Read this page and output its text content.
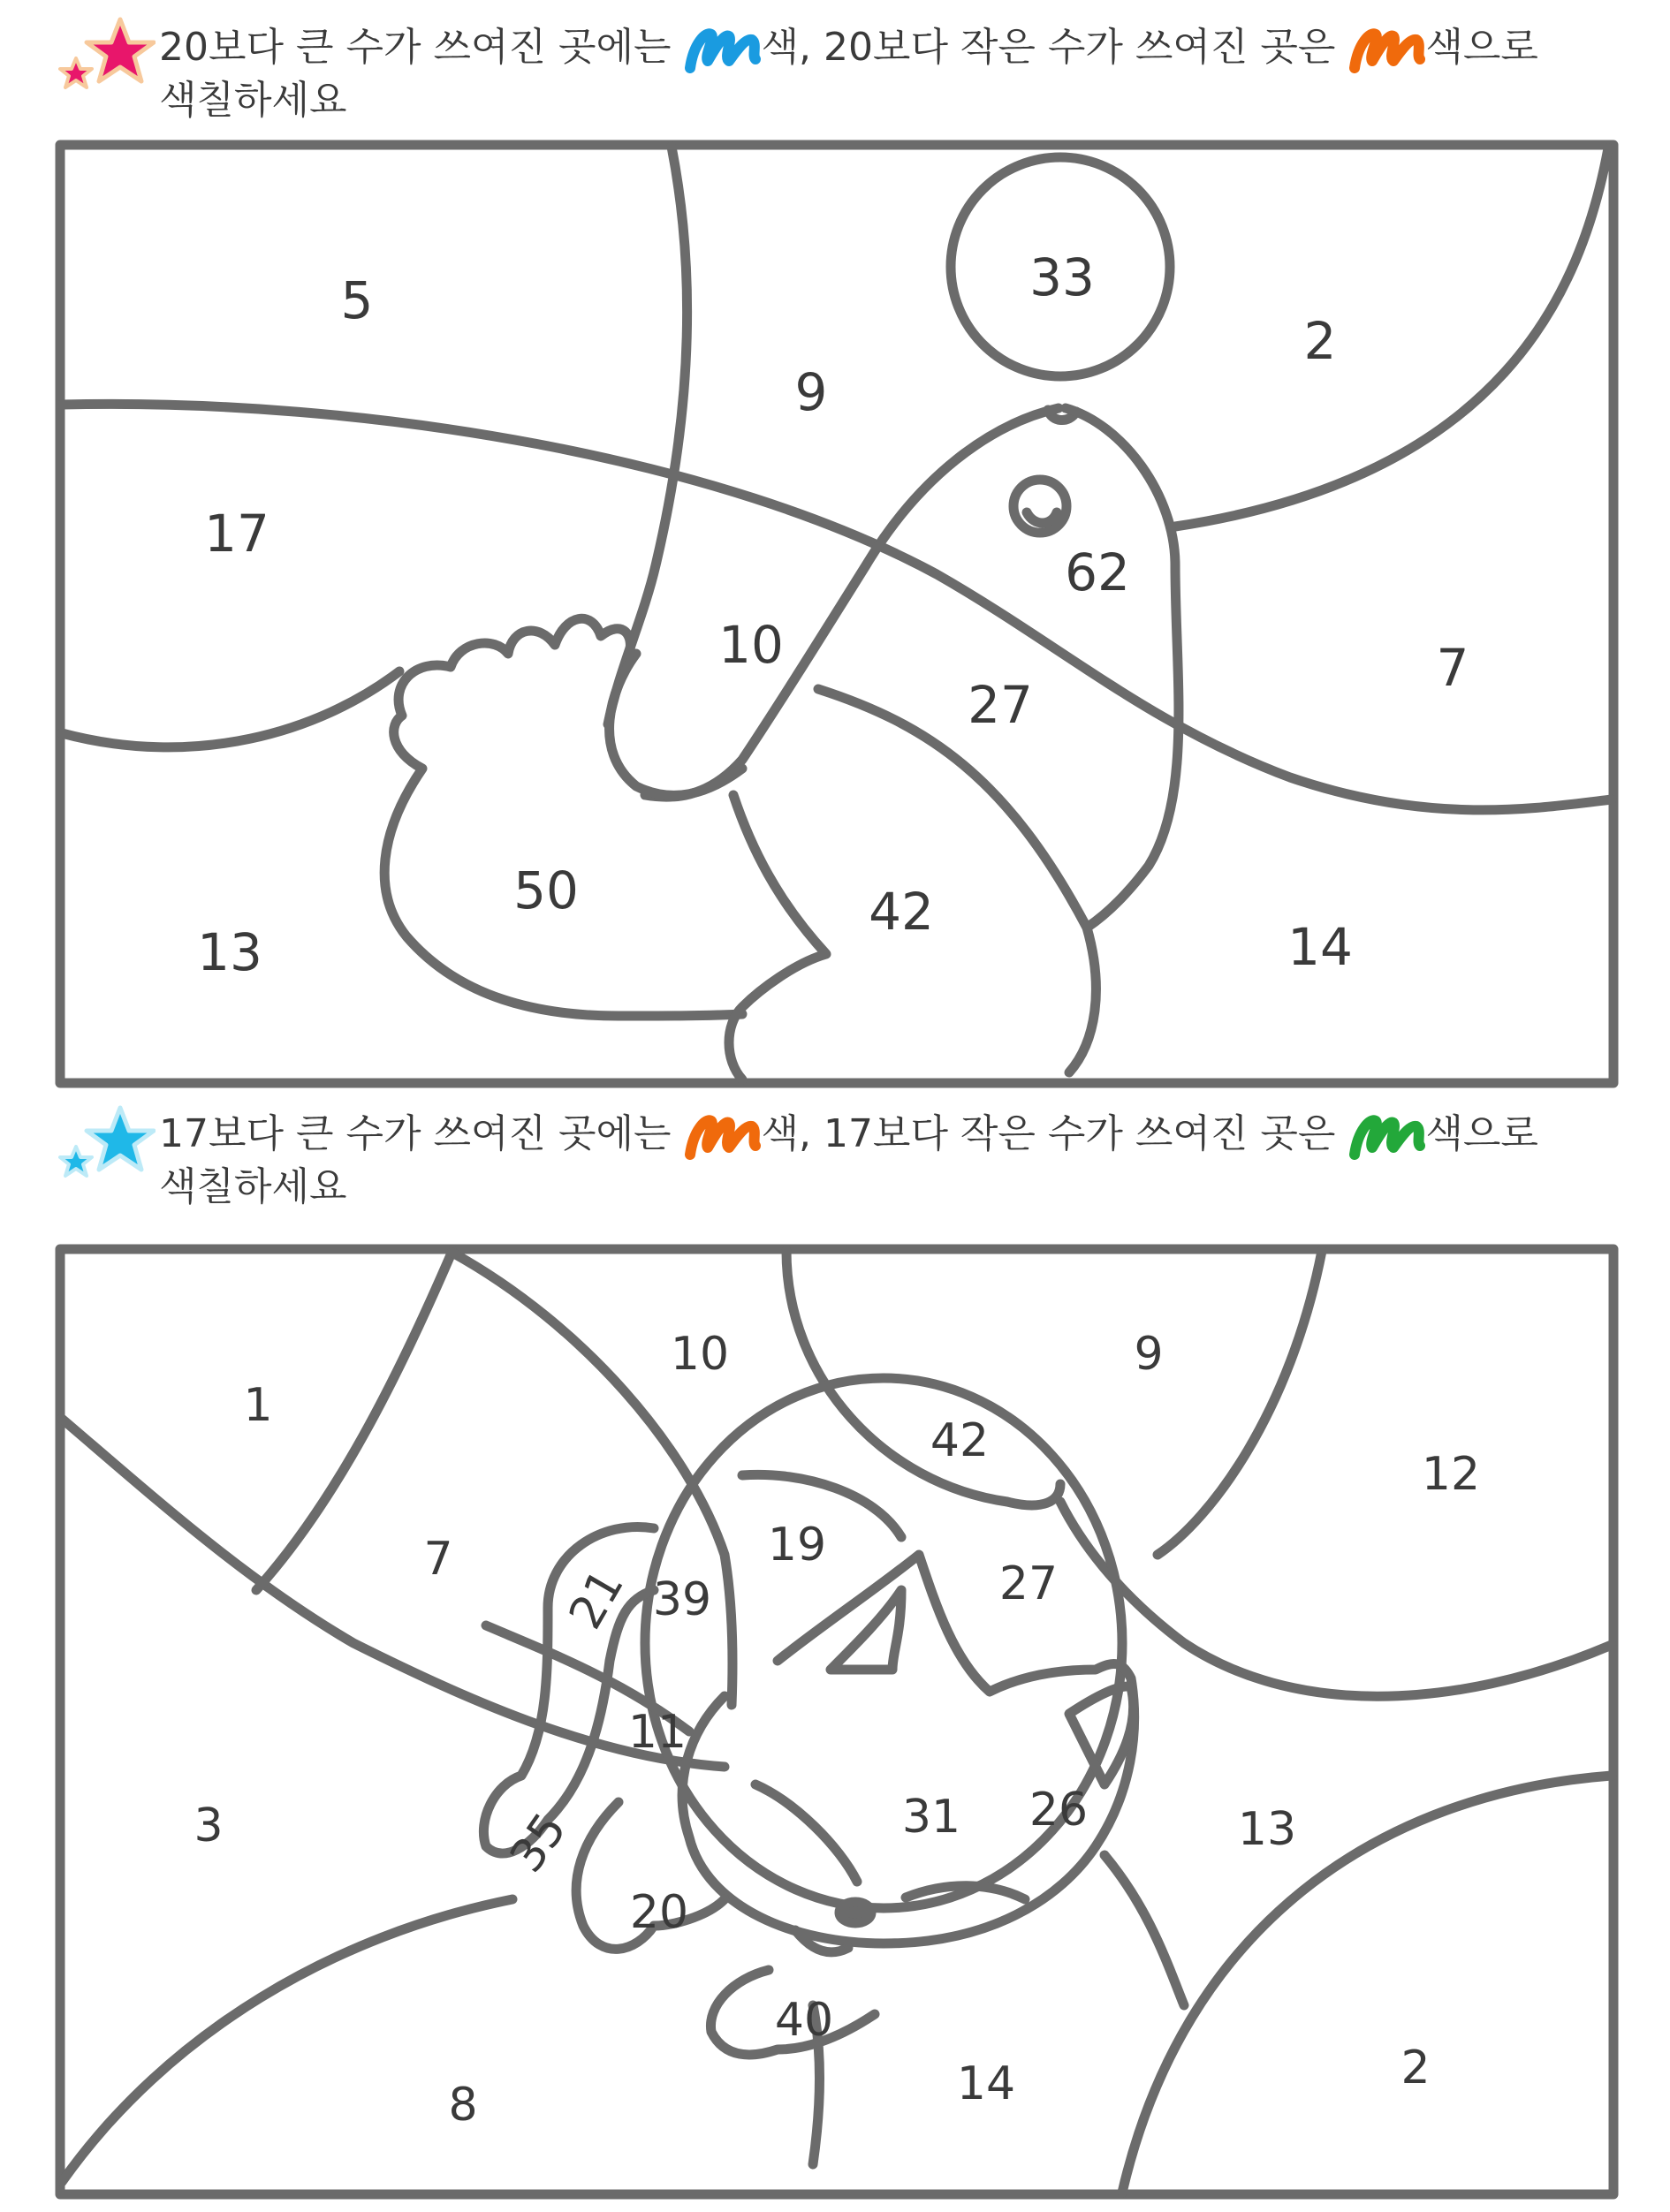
20보다 큰 수가 쓰여진 곳에는 색, 20보다 작은 수가 쓰여진 곳은 색으로
색칠하세요
17보다 큰 수가 쓰여진 곳에는 색, 17보다 작은 수가 쓰여진 곳은 색으로
색칠하세요
5
9
33
2
17
62
10
27
7
50	42
13	14
10	9
1
42
12
19
7	27
21 39
11
3	31 26	13
35
20
40
8	14	2
